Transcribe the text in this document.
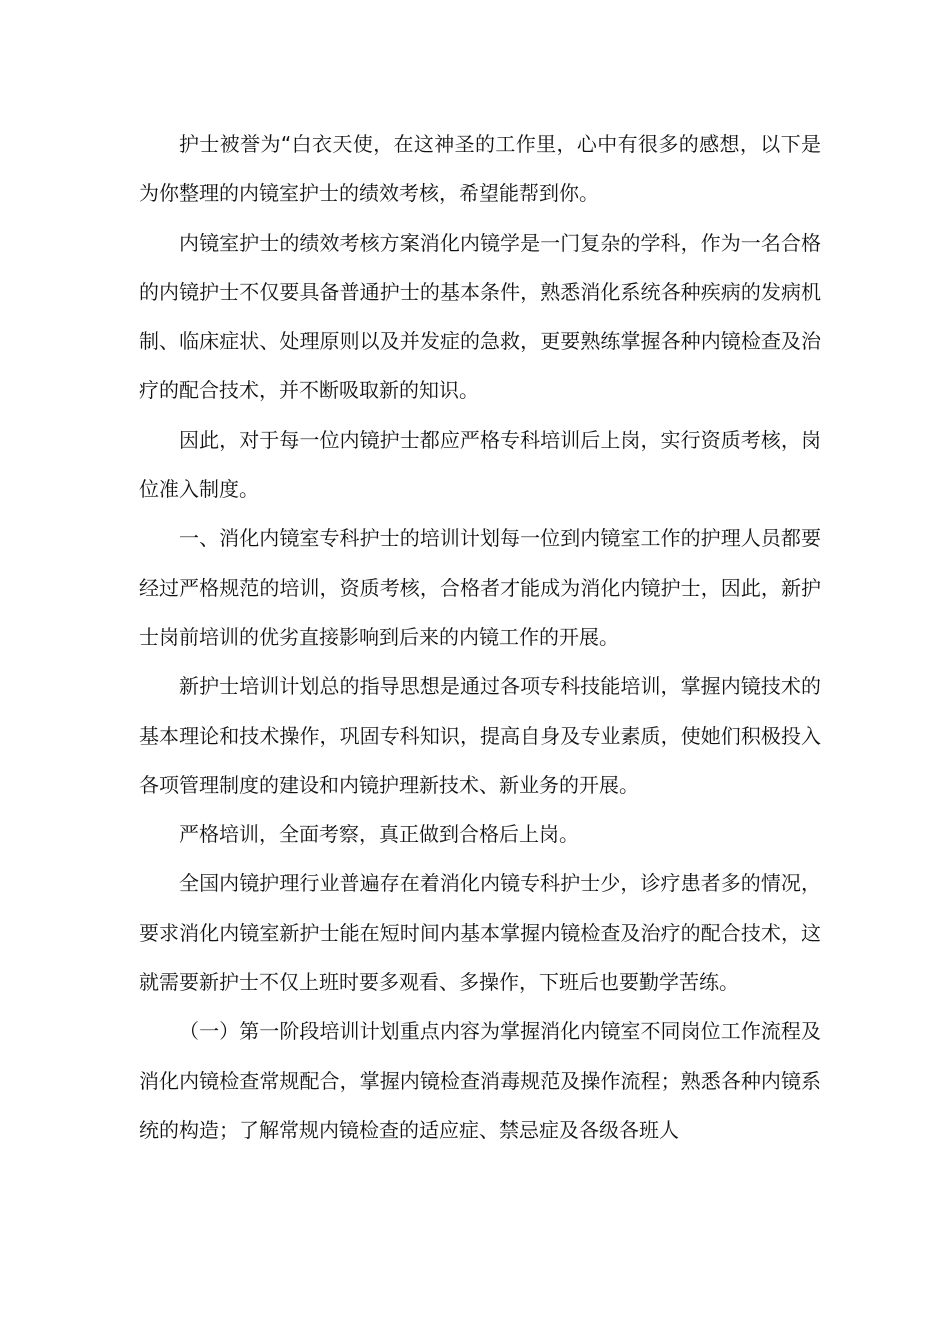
护士被誉为“白衣天使，在这神圣的工作里，心中有很多的感想，以下是为你整理的内镜室护士的绩效考核，希望能帮到你。

内镜室护士的绩效考核方案消化内镜学是一门复杂的学科，作为一名合格的内镜护士不仅要具备普通护士的基本条件，熟悉消化系统各种疾病的发病机制、临床症状、处理原则以及并发症的急救，更要熟练掌握各种内镜检查及治疗的配合技术，并不断吸取新的知识。

因此，对于每一位内镜护士都应严格专科培训后上岗，实行资质考核，岗位准入制度。

一、消化内镜室专科护士的培训计划每一位到内镜室工作的护理人员都要经过严格规范的培训，资质考核，合格者才能成为消化内镜护士，因此，新护士岗前培训的优劣直接影响到后来的内镜工作的开展。

新护士培训计划总的指导思想是通过各项专科技能培训，掌握内镜技术的基本理论和技术操作，巩固专科知识，提高自身及专业素质，使她们积极投入各项管理制度的建设和内镜护理新技术、新业务的开展。

严格培训，全面考察，真正做到合格后上岗。

全国内镜护理行业普遍存在着消化内镜专科护士少，诊疗患者多的情况，要求消化内镜室新护士能在短时间内基本掌握内镜检查及治疗的配合技术，这就需要新护士不仅上班时要多观看、多操作，下班后也要勤学苦练。

（一）第一阶段培训计划重点内容为掌握消化内镜室不同岗位工作流程及消化内镜检查常规配合，掌握内镜检查消毒规范及操作流程；熟悉各种内镜系统的构造；了解常规内镜检查的适应症、禁忌症及各级各班人
